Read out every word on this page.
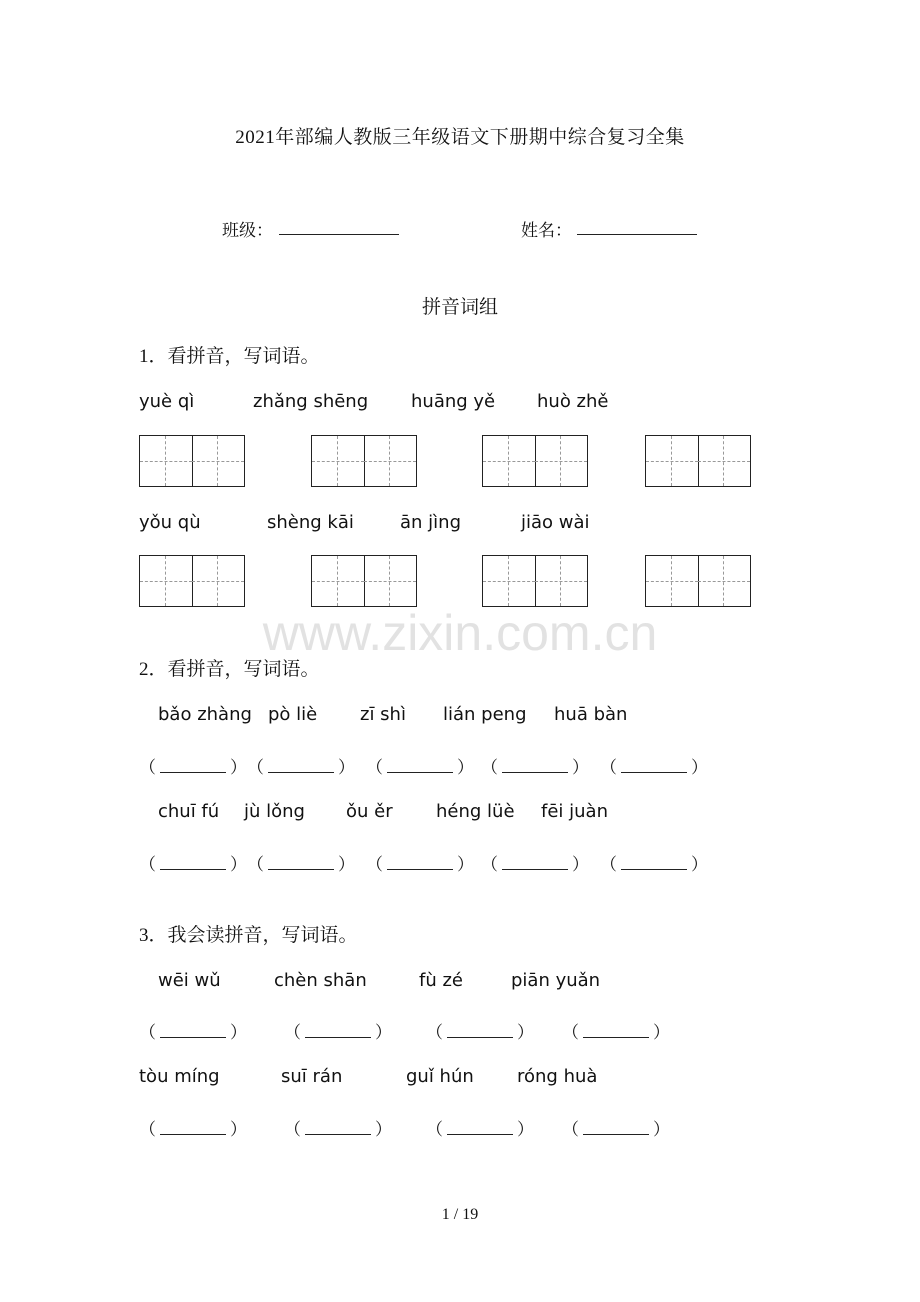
2021年部编人教版三年级语文下册期中综合复习全集
班级：	姓名：
拼音词组
1．看拼音，写词语。
yuè qì	zhǎng shēng huāng yě huò zhě
yǒu qù	shèng kāi	ān jìng	jiāo wài
www.zixin.com.cn
2．看拼音，写词语。
bǎo zhàng pò liè zī shì lián peng huā bàn
（	） （	） （	） （	） （	）
chuī fú jù lǒng ǒu ěr héng lüè fēi juàn
（	） （	） （	） （	） （	）
3．我会读拼音，写词语。
wēi wǔ	chèn shān	fù zé	piān yuǎn
（	） （	） （	） （	）
tòu míng	suī rán	guǐ hún róng huà
（	） （	） （	） （	）
1 / 19
